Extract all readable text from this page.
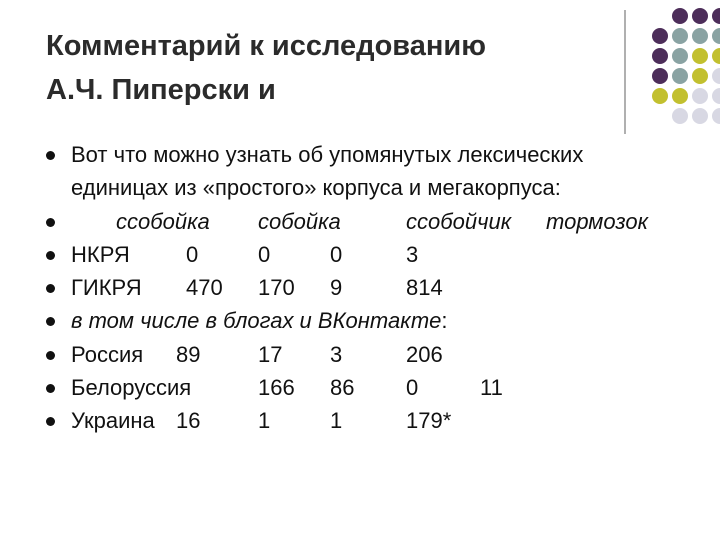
Комментарий к исследованию
А.Ч. Пиперски и
Вот что можно узнать об упомянутых лексических
единицах из «простого» корпуса и мегакорпуса:
ссобойка собойка	ссобойчик тормозок
НКРЯ	0	0	0	3
ГИКРЯ 470 170 9	814
в том числе в блогах и ВКонтакте:
Россия 89	17 3	206
Белоруссия	166 86 0	11
Украина 16	1	1	179*
